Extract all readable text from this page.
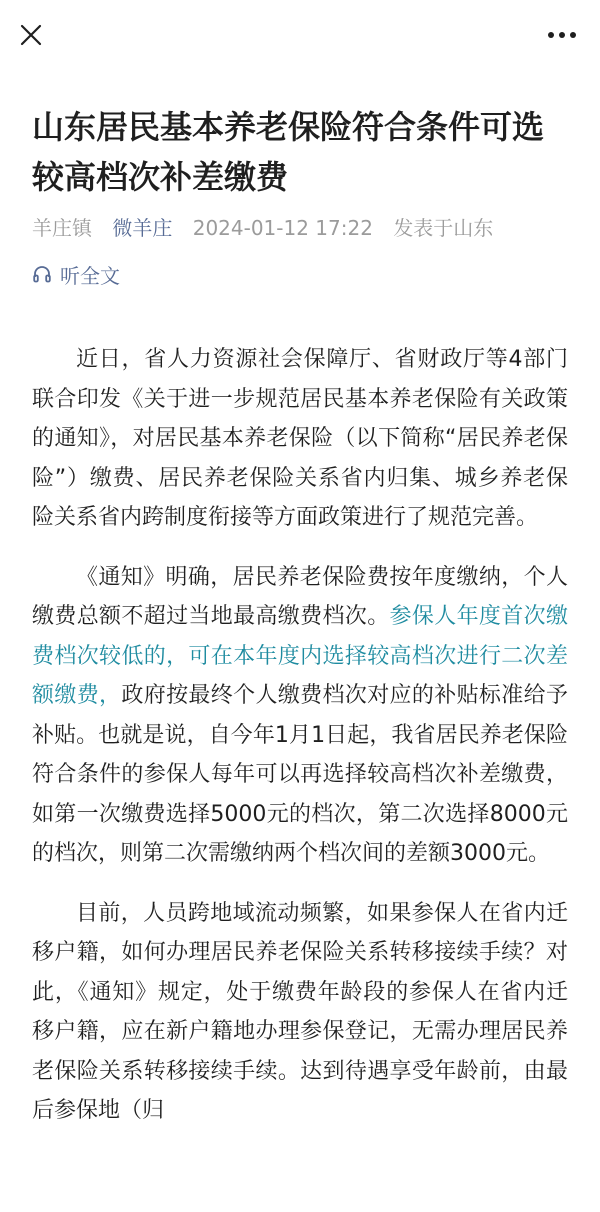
山东居民基本养老保险符合条件可选较高档次补差缴费
羊庄镇 微羊庄 2024-01-12 17:22 发表于山东
听全文

近日，省人力资源社会保障厅、省财政厅等4部门联合印发《关于进一步规范居民基本养老保险有关政策的通知》，对居民基本养老保险（以下简称“居民养老保险”）缴费、居民养老保险关系省内归集、城乡养老保险关系省内跨制度衔接等方面政策进行了规范完善。

《通知》明确，居民养老保险费按年度缴纳，个人缴费总额不超过当地最高缴费档次。参保人年度首次缴费档次较低的，可在本年度内选择较高档次进行二次差额缴费，政府按最终个人缴费档次对应的补贴标准给予补贴。也就是说，自今年1月1日起，我省居民养老保险符合条件的参保人每年可以再选择较高档次补差缴费，如第一次缴费选择5000元的档次，第二次选择8000元的档次，则第二次需缴纳两个档次间的差额3000元。

目前，人员跨地域流动频繁，如果参保人在省内迁移户籍，如何办理居民养老保险关系转移接续手续？对此，《通知》规定，处于缴费年龄段的参保人在省内迁移户籍，应在新户籍地办理参保登记，无需办理居民养老保险关系转移接续手续。达到待遇享受年龄前，由最后参保地（归
